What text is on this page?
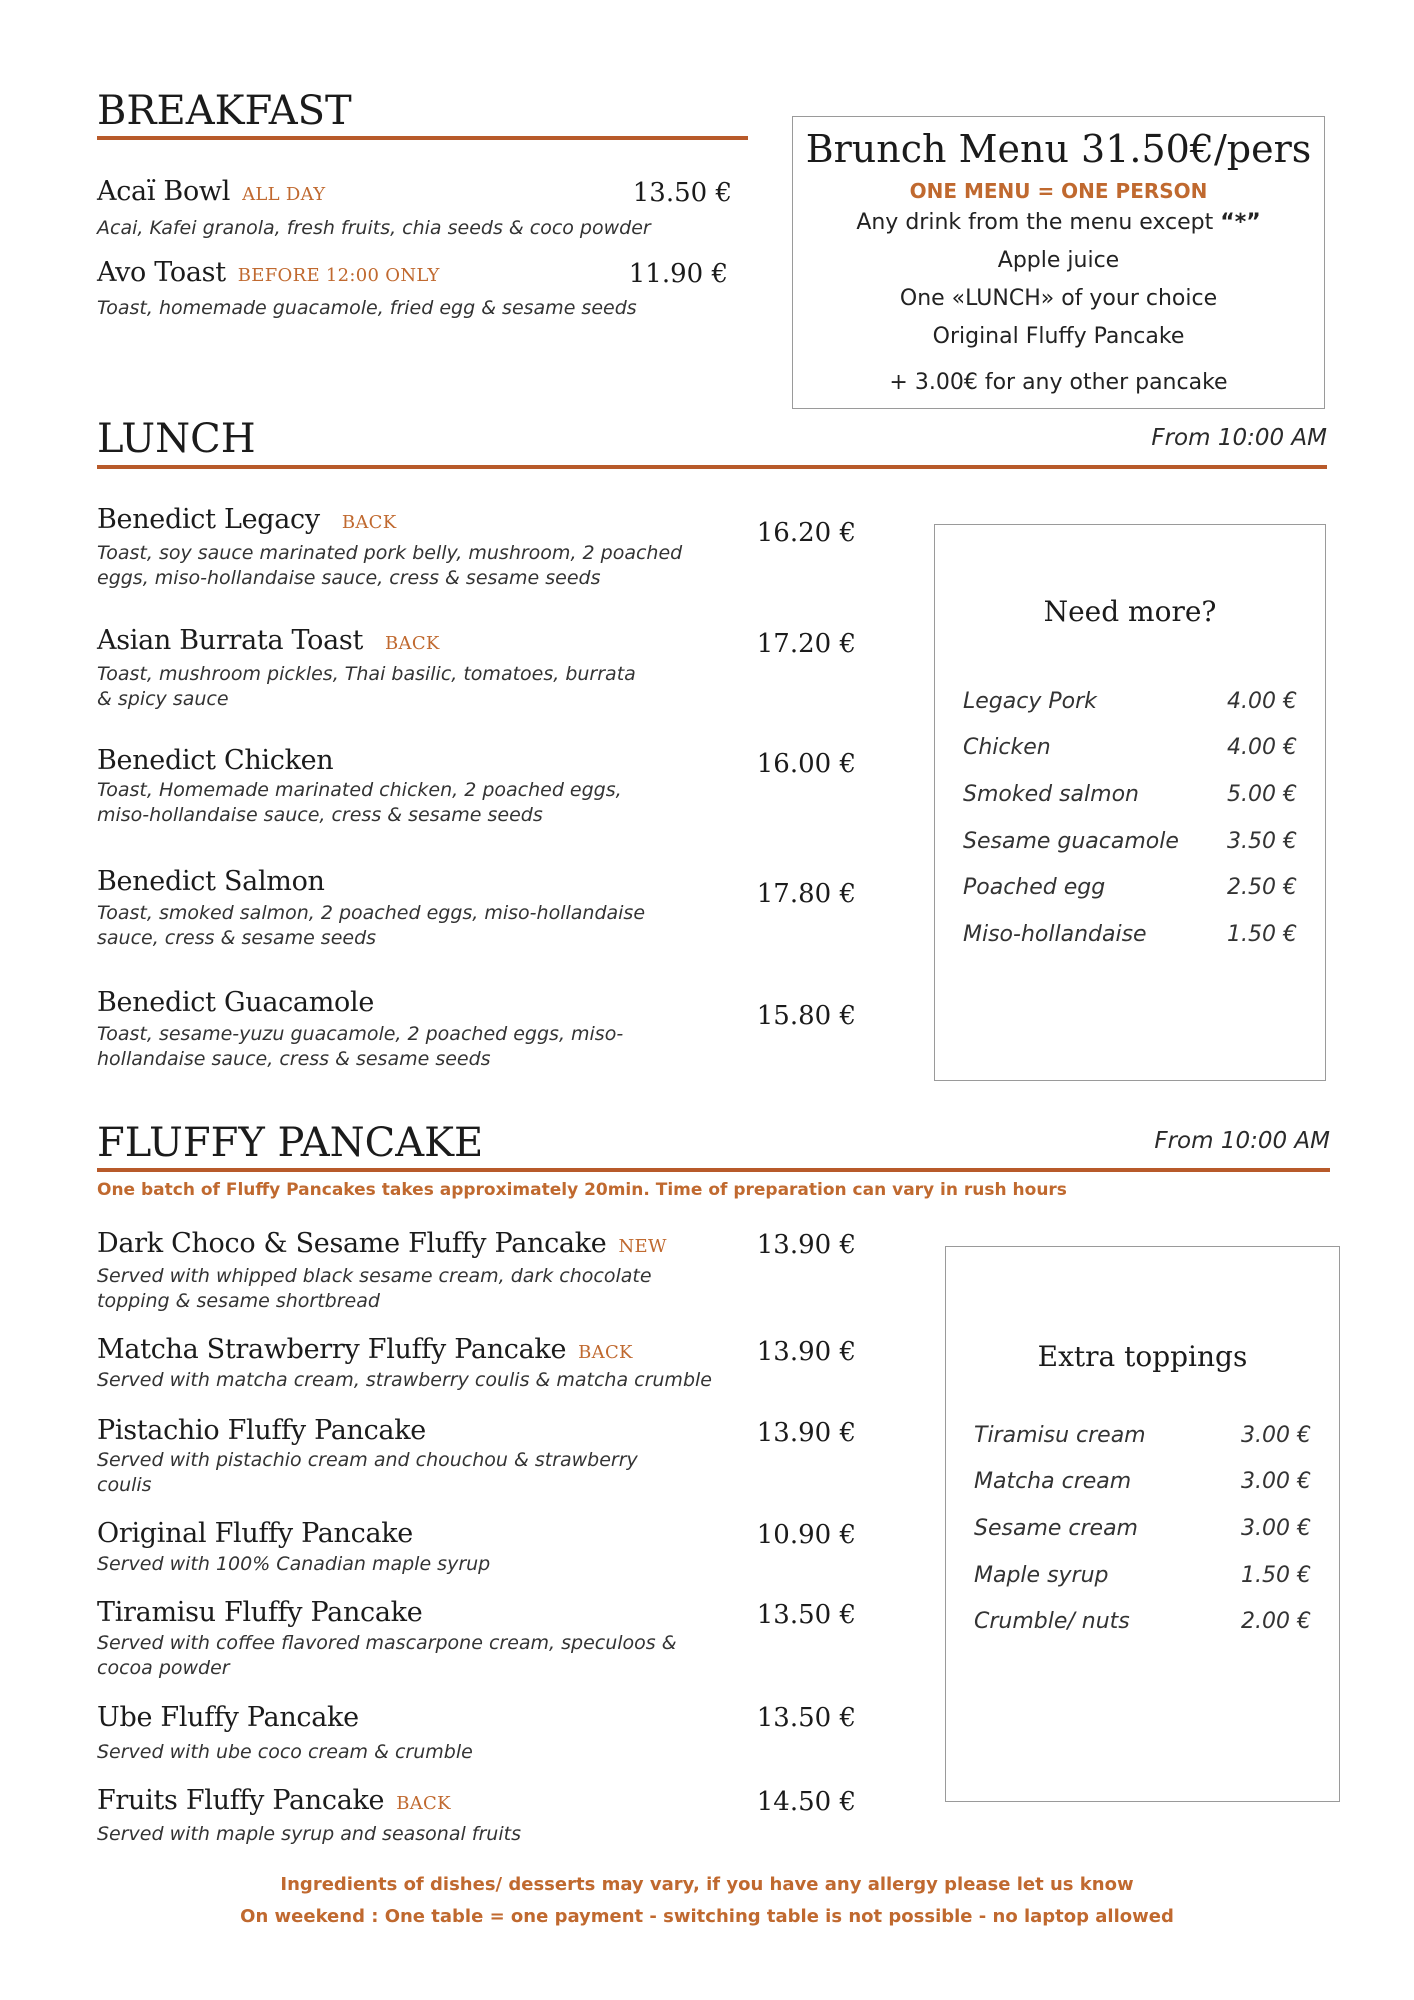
BREAKFAST
Acaï Bowl ALL DAY	13.50 €
Acai, Kafei granola, fresh fruits, chia seeds & coco powder
Avo Toast BEFORE 12:00 ONLY	11.90 €
Toast, homemade guacamole, fried egg & sesame seeds
Brunch Menu 31.50€/pers
ONE MENU = ONE PERSON
Any drink from the menu except “*”
Apple juice
One «LUNCH» of your choice
Original Fluffy Pancake
+ 3.00€ for any other pancake
LUNCH	From 10:00 AM
Benedict Legacy BACK	16.20 €
Toast, soy sauce marinated pork belly, mushroom, 2 poached
eggs, miso-hollandaise sauce, cress & sesame seeds
Asian Burrata Toast BACK	17.20 €
Toast, mushroom pickles, Thai basilic, tomatoes, burrata
& spicy sauce
Benedict Chicken	16.00 €
Toast, Homemade marinated chicken, 2 poached eggs,
miso-hollandaise sauce, cress & sesame seeds
Benedict Salmon	17.80 €
Toast, smoked salmon, 2 poached eggs, miso-hollandaise
sauce, cress & sesame seeds
Benedict Guacamole	15.80 €
Toast, sesame-yuzu guacamole, 2 poached eggs, miso-
hollandaise sauce, cress & sesame seeds
Need more?
Legacy Pork	4.00 €
Chicken	4.00 €
Smoked salmon	5.00 €
Sesame guacamole 3.50 €
Poached egg	2.50 €
Miso-hollandaise	1.50 €
FLUFFY PANCAKE	From 10:00 AM
One batch of Fluffy Pancakes takes approximately 20min. Time of preparation can vary in rush hours
Dark Choco & Sesame Fluffy Pancake NEW	13.90 €
Served with whipped black sesame cream, dark chocolate
topping & sesame shortbread
Matcha Strawberry Fluffy Pancake BACK	13.90 €
Served with matcha cream, strawberry coulis & matcha crumble
Pistachio Fluffy Pancake	13.90 €
Served with pistachio cream and chouchou & strawberry
coulis
Original Fluffy Pancake	10.90 €
Served with 100% Canadian maple syrup
Tiramisu Fluffy Pancake	13.50 €
Served with coffee flavored mascarpone cream, speculoos &
cocoa powder
Ube Fluffy Pancake	13.50 €
Served with ube coco cream & crumble
Fruits Fluffy Pancake BACK	14.50 €
Served with maple syrup and seasonal fruits
Extra toppings
Tiramisu cream	3.00 €
Matcha cream	3.00 €
Sesame cream	3.00 €
Maple syrup	1.50 €
Crumble/ nuts	2.00 €
Ingredients of dishes/ desserts may vary, if you have any allergy please let us know
On weekend : One table = one payment - switching table is not possible - no laptop allowed
